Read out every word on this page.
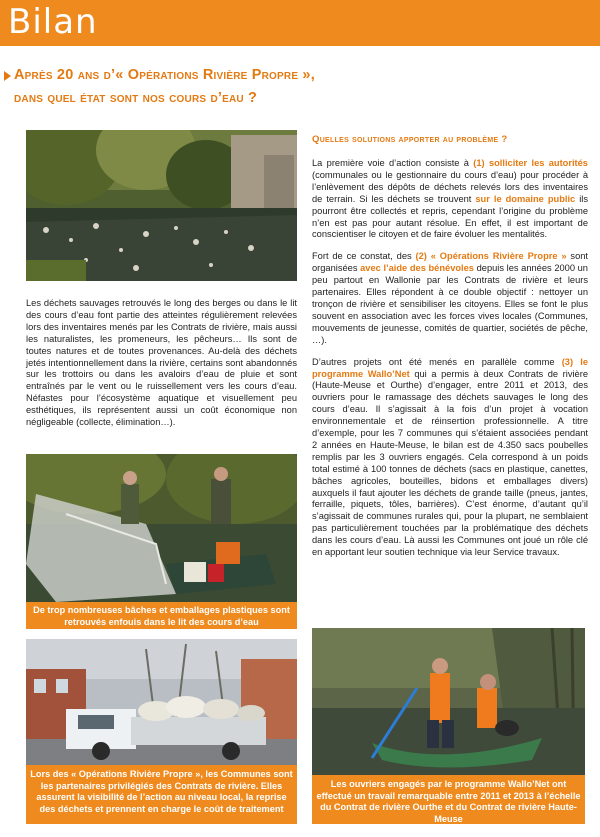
Bilan
Après 20 ans d’« Opérations Rivière Propre »,
dans quel état sont nos cours d’eau ?

Les déchets sauvages retrouvés le long des berges ou dans le lit des cours d’eau font partie des atteintes régulièrement relevées lors des inventaires menés par les Contrats de rivière, mais aussi les naturalistes, les promeneurs, les pêcheurs… Ils sont de toutes natures et de toutes provenances. Au-delà des déchets jetés intentionnellement dans la rivière, certains sont abandonnés sur les trottoirs ou dans les avaloirs d’eau de pluie et sont entraînés par le vent ou le ruissellement vers les cours d’eau. Néfastes pour l’écosystème aquatique et visuellement peu esthétiques, ils représentent aussi un coût économique non négligeable (collecte, élimination…).

De trop nombreuses bâches et emballages plastiques sont retrouvés enfouis dans le lit des cours d’eau
Lors des « Opérations Rivière Propre », les Communes sont les partenaires privilégiés des Contrats de rivière. Elles assurent la visibilité de l’action au niveau local, la reprise des déchets et prennent en charge le coût de traitement
Quelles solutions apporter au problème ?

La première voie d’action consiste à (1) solliciter les autorités (communales ou le gestionnaire du cours d’eau) pour procéder à l’enlèvement des dépôts de déchets relevés lors des inventaires de terrain. Si les déchets se trouvent sur le domaine public ils pourront être collectés et repris, cependant l’origine du problème n’en est pas pour autant résolue. En effet, il est important de conscientiser le citoyen et de faire évoluer les mentalités.

Fort de ce constat, des (2) « Opérations Rivière Propre » sont organisées avec l’aide des bénévoles depuis les années 2000 un peu partout en Wallonie par les Contrats de rivière et leurs partenaires. Elles répondent à ce double objectif : nettoyer un tronçon de rivière et sensibiliser les citoyens. Elles se font le plus souvent en association avec les forces vives locales (Communes, mouvements de jeunesse, comités de quartier, sociétés de pêche, …).

D’autres projets ont été menés en parallèle comme (3) le programme Wallo’Net qui a permis à deux Contrats de rivière (Haute-Meuse et Ourthe) d’engager, entre 2011 et 2013, des ouvriers pour le ramassage des déchets sauvages le long des cours d’eau. Il s’agissait à la fois d’un projet à vocation environnementale et de réinsertion professionnelle. A titre d’exemple, pour les 7 communes qui s’étaient associées pendant 2 années en Haute-Meuse, le bilan est de 4.350 sacs poubelles remplis par les 3 ouvriers engagés. Cela correspond à un poids total estimé à 100 tonnes de déchets (sacs en plastique, canettes, bâches agricoles, bouteilles, bidons et emballages divers) auxquels il faut ajouter les déchets de grande taille (pneus, jantes, ferraille, piquets, tôles, barrières). C’est énorme, d’autant qu’il s’agissait de communes rurales qui, pour la plupart, ne semblaient pas particulièrement touchées par la problématique des déchets dans les cours d’eau. Là aussi les Communes ont joué un rôle clé en apportant leur soutien technique via leur Service travaux.

Les ouvriers engagés par le programme Wallo’Net ont effectué un travail remarquable entre 2011 et 2013 à l’échelle du Contrat de rivière Ourthe et du Contrat de rivière Haute-Meuse
